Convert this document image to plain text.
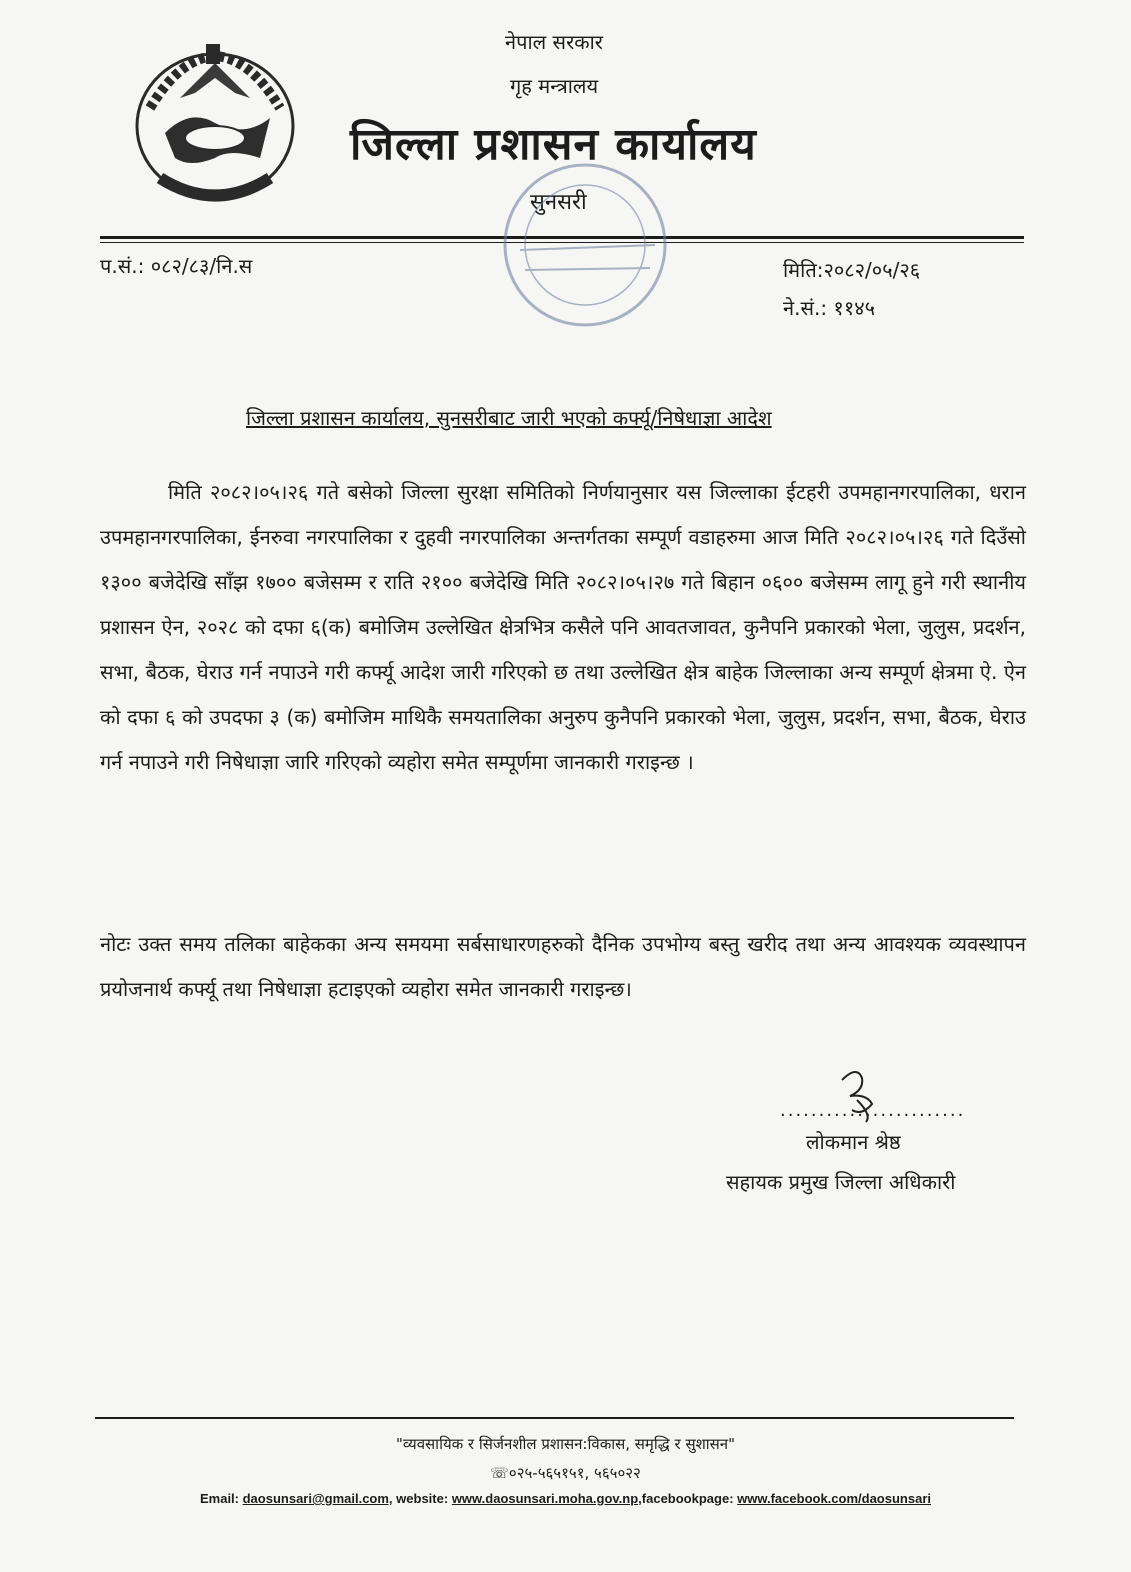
नेपाल सरकार
गृह मन्त्रालय
जिल्ला प्रशासन कार्यालय
सुनसरी
प.सं.: ०८२/८३/नि.स	मिति:२०८२/०५/२६
ने.सं.: ११४५
जिल्ला प्रशासन कार्यालय, सुनसरीबाट जारी भएको कर्फ्यू/निषेधाज्ञा आदेश
मिति २०८२।०५।२६ गते बसेको जिल्ला सुरक्षा समितिको निर्णयानुसार यस जिल्लाका ईटहरी उपमहानगरपालिका, धरान उपमहानगरपालिका, ईनरुवा नगरपालिका र दुहवी नगरपालिका अन्तर्गतका सम्पूर्ण वडाहरुमा आज मिति २०८२।०५।२६ गते दिउँसो १३०० बजेदेखि साँझ १७०० बजेसम्म र राति २१०० बजेदेखि मिति २०८२।०५।२७ गते बिहान ०६०० बजेसम्म लागू हुने गरी स्थानीय प्रशासन ऐन, २०२८ को दफा ६(क) बमोजिम उल्लेखित क्षेत्रभित्र कसैले पनि आवतजावत, कुनैपनि प्रकारको भेला, जुलुस, प्रदर्शन, सभा, बैठक, घेराउ गर्न नपाउने गरी कर्फ्यू आदेश जारी गरिएको छ तथा उल्लेखित क्षेत्र बाहेक जिल्लाका अन्य सम्पूर्ण क्षेत्रमा ऐ. ऐन को दफा ६ को उपदफा ३ (क) बमोजिम माथिकै समयतालिका अनुरुप कुनैपनि प्रकारको भेला, जुलुस, प्रदर्शन, सभा, बैठक, घेराउ गर्न नपाउने गरी निषेधाज्ञा जारि गरिएको व्यहोरा समेत सम्पूर्णमा जानकारी गराइन्छ ।
नोटः उक्त समय तलिका बाहेकका अन्य समयमा सर्बसाधारणहरुको दैनिक उपभोग्य बस्तु खरीद तथा अन्य आवश्यक व्यवस्थापन प्रयोजनार्थ कर्फ्यू तथा निषेधाज्ञा हटाइएको व्यहोरा समेत जानकारी गराइन्छ।
........................
लोकमान श्रेष्ठ
सहायक प्रमुख जिल्ला अधिकारी
"व्यवसायिक र सिर्जनशील प्रशासन:विकास, समृद्धि र सुशासन"
☏०२५-५६५१५१, ५६५०२२
Email: daosunsari@gmail.com, website: www.daosunsari.moha.gov.np,facebookpage: www.facebook.com/daosunsari
